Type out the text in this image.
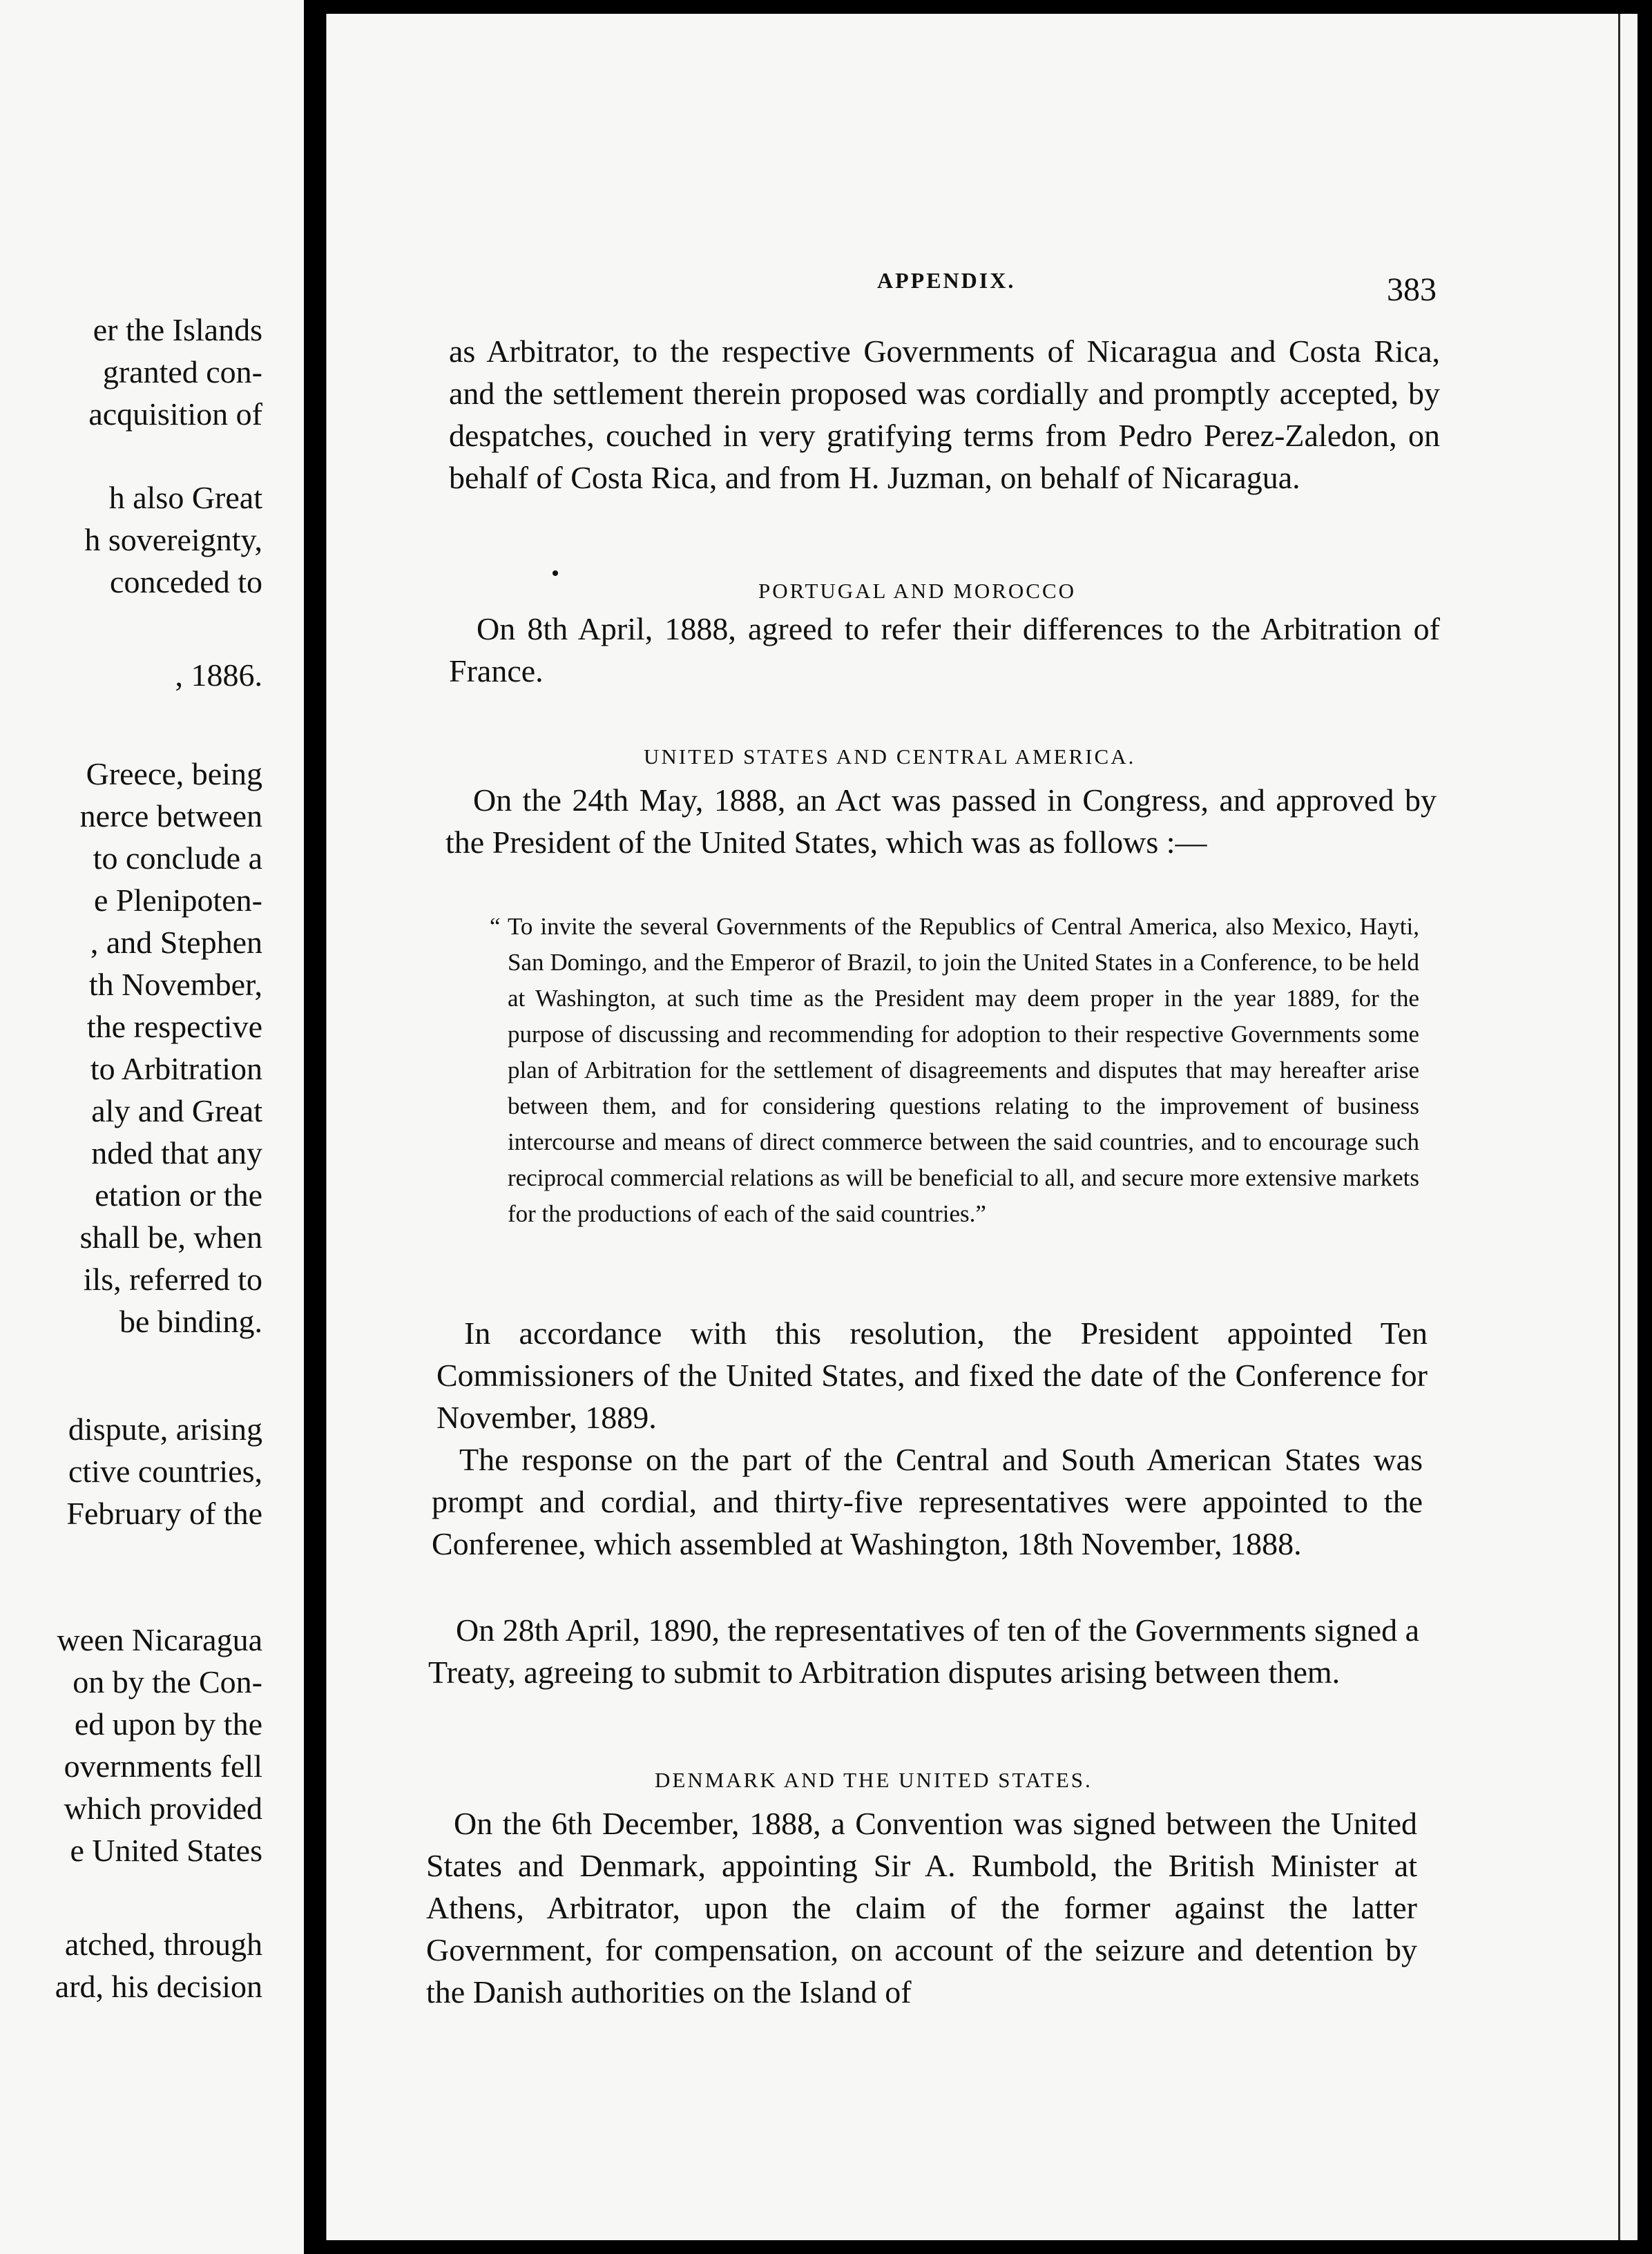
er the Islands
granted con-
acquisition of
h also Great
h sovereignty,
conceded to
, 1886.
Greece, being
nerce between
to conclude a
e Plenipoten-
, and Stephen
th November,
the respective
to Arbitration
aly and Great
nded that any
etation or the
shall be, when
ils, referred to
be binding.
dispute, arising
ctive countries,
February of the
ween Nicaragua
on by the Con-
ed upon by the
overnments fell
which provided
e United States
atched, through
ard, his decision
APPENDIX.	383

as Arbitrator, to the respective Governments of Nicaragua and Costa Rica, and the settlement therein proposed was cordially and promptly accepted, by despatches, couched in very gratifying terms from Pedro Perez-Zaledon, on behalf of Costa Rica, and from H. Juzman, on behalf of Nicaragua.

PORTUGAL AND MOROCCO

On 8th April, 1888, agreed to refer their differences to the Arbitration of France.

UNITED STATES AND CENTRAL AMERICA.

On the 24th May, 1888, an Act was passed in Congress, and approved by the President of the United States, which was as follows :—

“ To invite the several Governments of the Republics of Central America, also Mexico, Hayti, San Domingo, and the Emperor of Brazil, to join the United States in a Conference, to be held at Washington, at such time as the President may deem proper in the year 1889, for the purpose of discussing and recommending for adoption to their respective Governments some plan of Arbitration for the settlement of disagreements and disputes that may hereafter arise between them, and for considering questions relating to the improvement of business intercourse and means of direct commerce between the said countries, and to encourage such reciprocal commercial relations as will be beneficial to all, and secure more extensive markets for the productions of each of the said countries.”

In accordance with this resolution, the President appointed Ten Commissioners of the United States, and fixed the date of the Conference for November, 1889.

The response on the part of the Central and South American States was prompt and cordial, and thirty-five representatives were appointed to the Conferenee, which assembled at Washington, 18th November, 1888.

On 28th April, 1890, the representatives of ten of the Governments signed a Treaty, agreeing to submit to Arbitration disputes arising between them.

DENMARK AND THE UNITED STATES.

On the 6th December, 1888, a Convention was signed between the United States and Denmark, appointing Sir A. Rumbold, the British Minister at Athens, Arbitrator, upon the claim of the former against the latter Government, for compensation, on account of the seizure and detention by the Danish authorities on the Island of
